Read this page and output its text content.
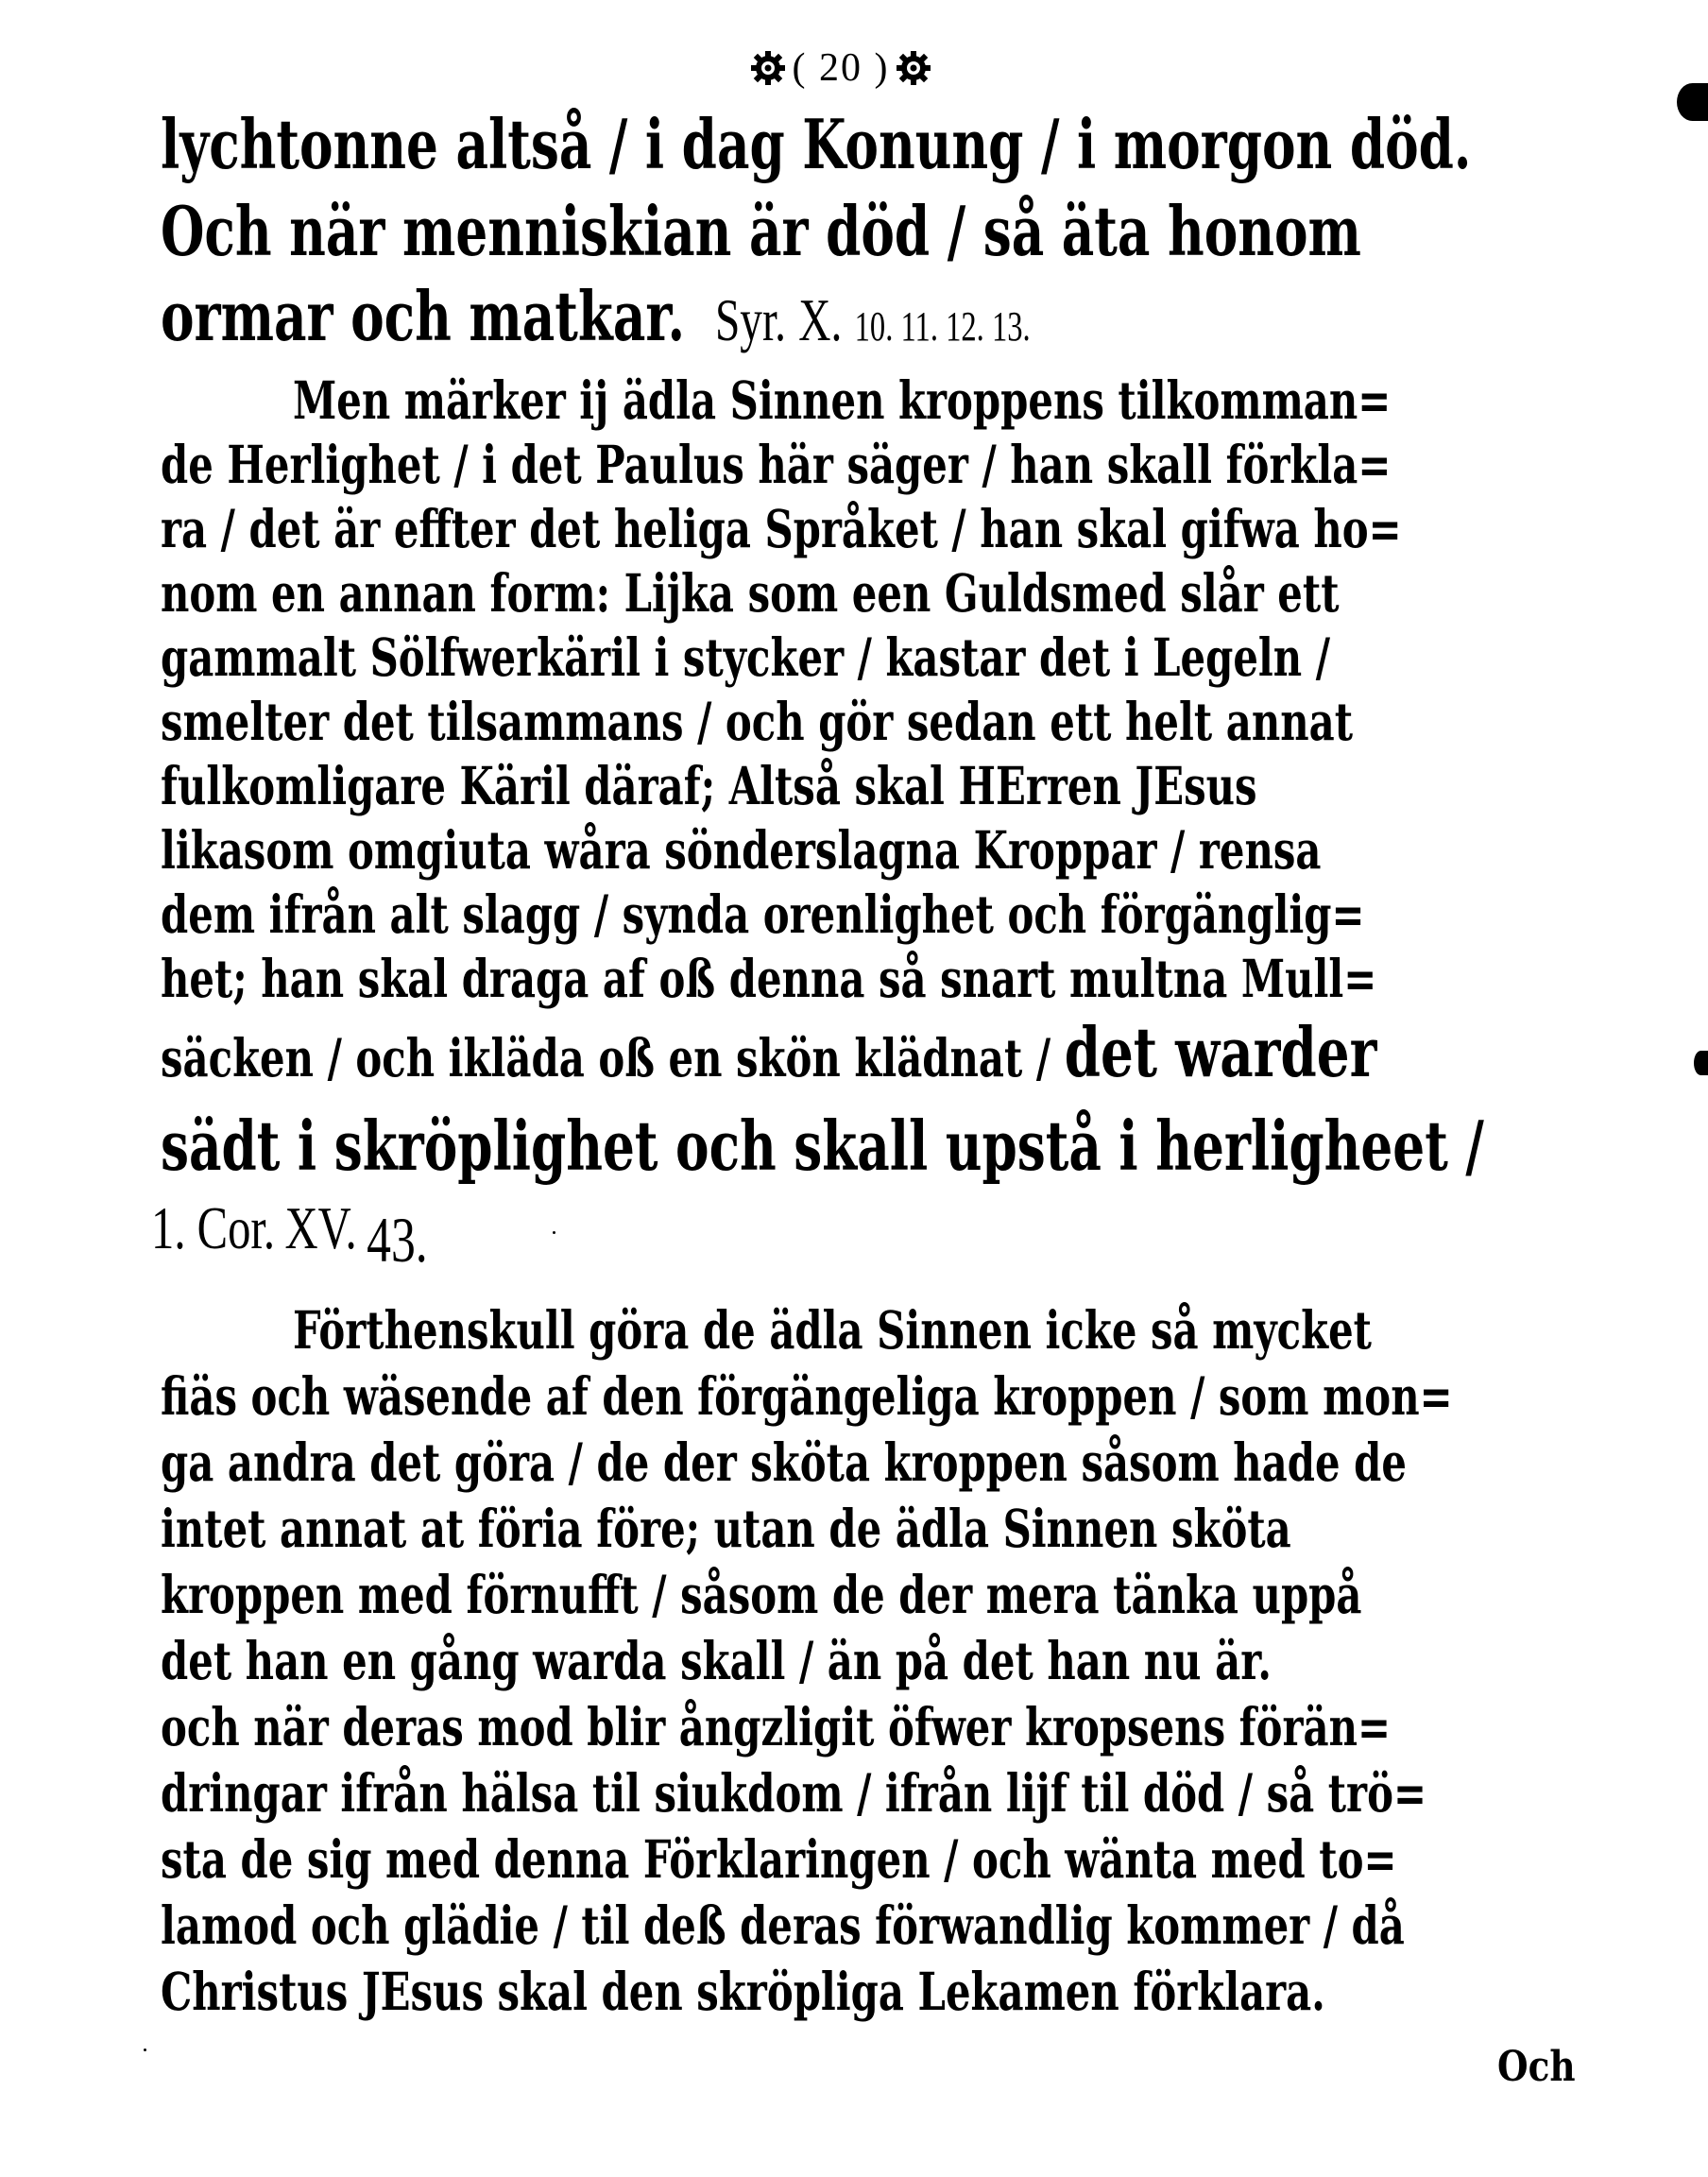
( 20 )
lychtonne altså / i dag Konung / i morgon död.
Och när menniskian är död / så äta honom
ormar och matkar. Syr. X. 10. 11. 12. 13.
Men märker ij ädla Sinnen kroppens tilkomman=
de Herlighet / i det Paulus här säger / han skall förkla=
ra / det är effter det heliga Språket / han skal gifwa ho=
nom en annan form: Lijka som een Guldsmed slår ett
gammalt Sölfwerkäril i stycker / kastar det i Legeln /
smelter det tilsammans / och gör sedan ett helt annat
fulkomligare Käril däraf; Altså skal HErren JEsus
likasom omgiuta wåra sönderslagna Kroppar / rensa
dem ifrån alt slagg / synda orenlighet och förgänglig=
het; han skal draga af oß denna så snart multna Mull=
säcken / och ikläda oß en skön klädnat / det warder
sädt i skröplighet och skall upstå i herligheet /
1. Cor. XV. 43.
Förthenskull göra de ädla Sinnen icke så mycket
fiäs och wäsende af den förgängeliga kroppen / som mon=
ga andra det göra / de der sköta kroppen såsom hade de
intet annat at föria före; utan de ädla Sinnen sköta
kroppen med förnufft / såsom de der mera tänka uppå
det han en gång warda skall / än på det han nu är.
och när deras mod blir ångzligit öfwer kropsens förän=
dringar ifrån hälsa til siukdom / ifrån lijf til död / så trö=
sta de sig med denna Förklaringen / och wänta med to=
lamod och glädie / til deß deras förwandlig kommer / då
Christus JEsus skal den skröpliga Lekamen förklara.
Och
